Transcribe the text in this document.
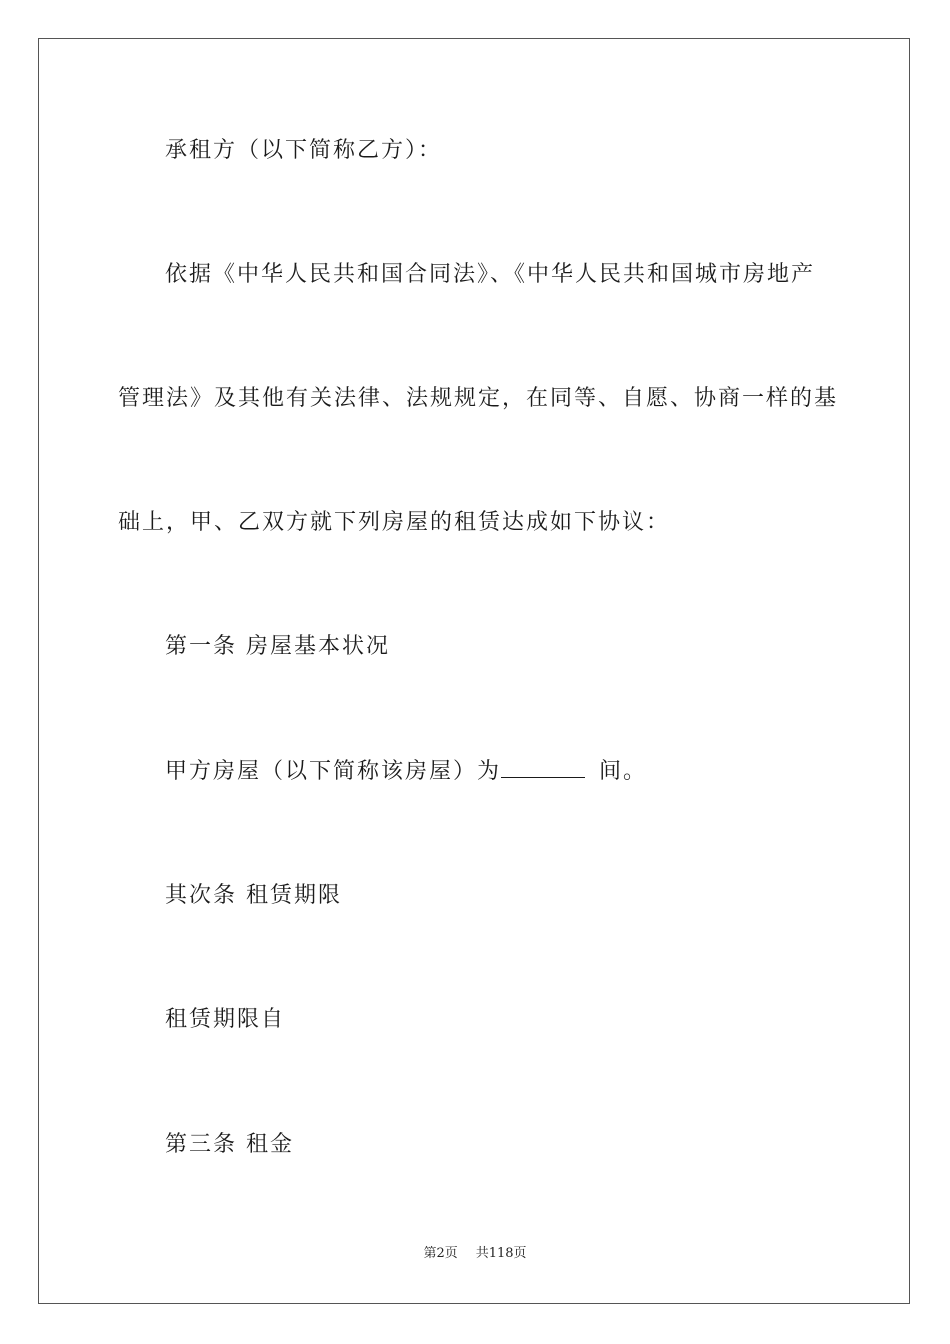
承租方（以下简称乙方）：
依据《中华人民共和国合同法》、《中华人民共和国城市房地产
管理法》及其他有关法律、法规规定，在同等、自愿、协商一样的基
础上，甲、乙双方就下列房屋的租赁达成如下协议：
第一条 房屋基本状况
甲方房屋（以下简称该房屋）为	间。
其次条 租赁期限
租赁期限自
第三条 租金
第2页 共118页
